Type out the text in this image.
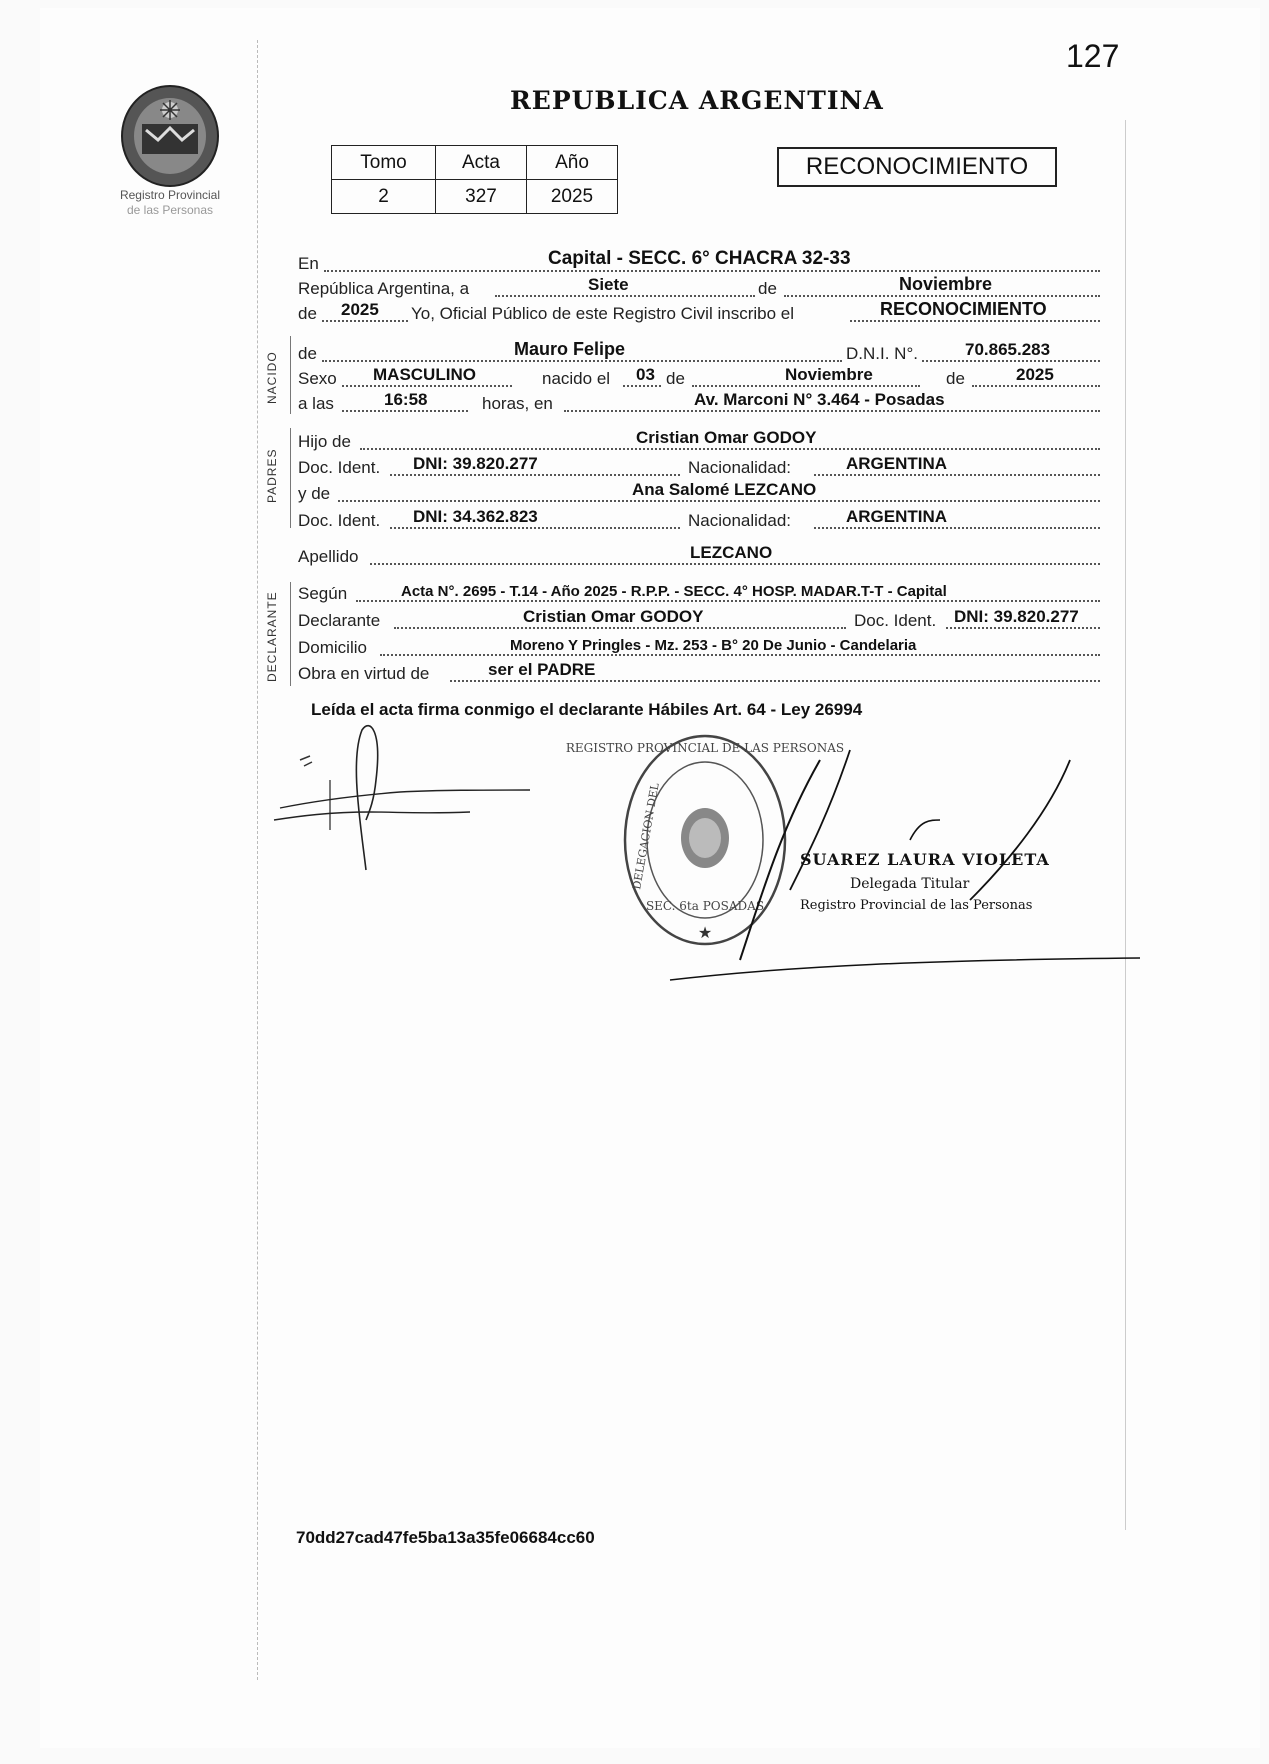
127
Registro Provincial
de las Personas
REPUBLICA ARGENTINA
Tomo	Acta	Año
2	327	2025
RECONOCIMIENTO
En	Capital - SECC. 6° CHACRA 32-33
República Argentina, a	Siete	de	Noviembre
de 2025 Yo, Oficial Público de este Registro Civil inscribo el	RECONOCIMIENTO
NACIDO de	Mauro Felipe	D.N.I. N°.	70.865.283
Sexo MASCULINO	nacido el 03 de	Noviembre	de	2025
a las	16:58	horas, en	Av. Marconi N° 3.464 - Posadas
PADRES
Hijo de	Cristian Omar GODOY
Doc. Ident. DNI: 39.820.277	Nacionalidad:	ARGENTINA
y de	Ana Salomé LEZCANO
Doc. Ident. DNI: 34.362.823	Nacionalidad:	ARGENTINA
Apellido	LEZCANO
DECLARANTE Según	Acta N°. 2695 - T.14 - Año 2025 - R.P.P. - SECC. 4° HOSP. MADAR.T-T - Capital
Declarante	Cristian Omar GODOY	Doc. Ident. DNI: 39.820.277
Domicilio	Moreno Y Pringles - Mz. 253 - B° 20 De Junio - Candelaria
Obra en virtud de	ser el PADRE
Leída el acta firma conmigo el declarante Hábiles Art. 64 - Ley 26994
REGISTRO PROVINCIAL DE LAS PERSONAS
SEC. 6ta POSADAS
DELEGACION DEL
★
SUAREZ LAURA VIOLETA
Delegada Titular
Registro Provincial de las Personas
70dd27cad47fe5ba13a35fe06684cc60
